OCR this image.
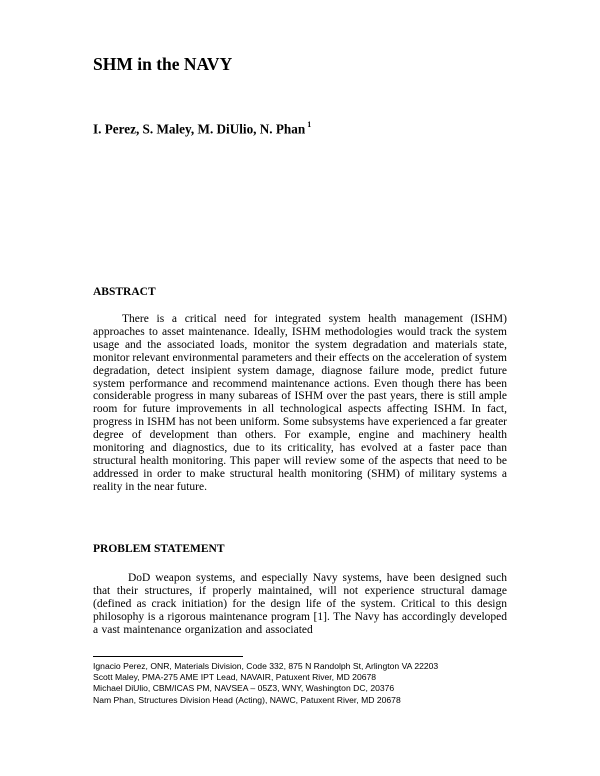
SHM in the NAVY
I. Perez, S. Maley, M. DiUlio, N. Phan $^1$
ABSTRACT

There is a critical need for integrated system health management (ISHM) approaches to asset maintenance. Ideally, ISHM methodologies would track the system usage and the associated loads, monitor the system degradation and materials state, monitor relevant environmental parameters and their effects on the acceleration of system degradation, detect insipient system damage, diagnose failure mode, predict future system performance and recommend maintenance actions. Even though there has been considerable progress in many subareas of ISHM over the past years, there is still ample room for future improvements in all technological aspects affecting ISHM. In fact, progress in ISHM has not been uniform. Some subsystems have experienced a far greater degree of development than others. For example, engine and machinery health monitoring and diagnostics, due to its criticality, has evolved at a faster pace than structural health monitoring. This paper will review some of the aspects that need to be addressed in order to make structural health monitoring (SHM) of military systems a reality in the near future.

PROBLEM STATEMENT

DoD weapon systems, and especially Navy systems, have been designed such that their structures, if properly maintained, will not experience structural damage (defined as crack initiation) for the design life of the system. Critical to this design philosophy is a rigorous maintenance program [1]. The Navy has accordingly developed a vast maintenance organization and associated

Ignacio Perez, ONR, Materials Division, Code 332, 875 N Randolph St, Arlington VA 22203
Scott Maley, PMA-275 AME IPT Lead, NAVAIR, Patuxent River, MD 20678
Michael DiUlio, CBM/ICAS PM, NAVSEA – 05Z3, WNY, Washington DC, 20376
Nam Phan, Structures Division Head (Acting), NAWC, Patuxent River, MD 20678
